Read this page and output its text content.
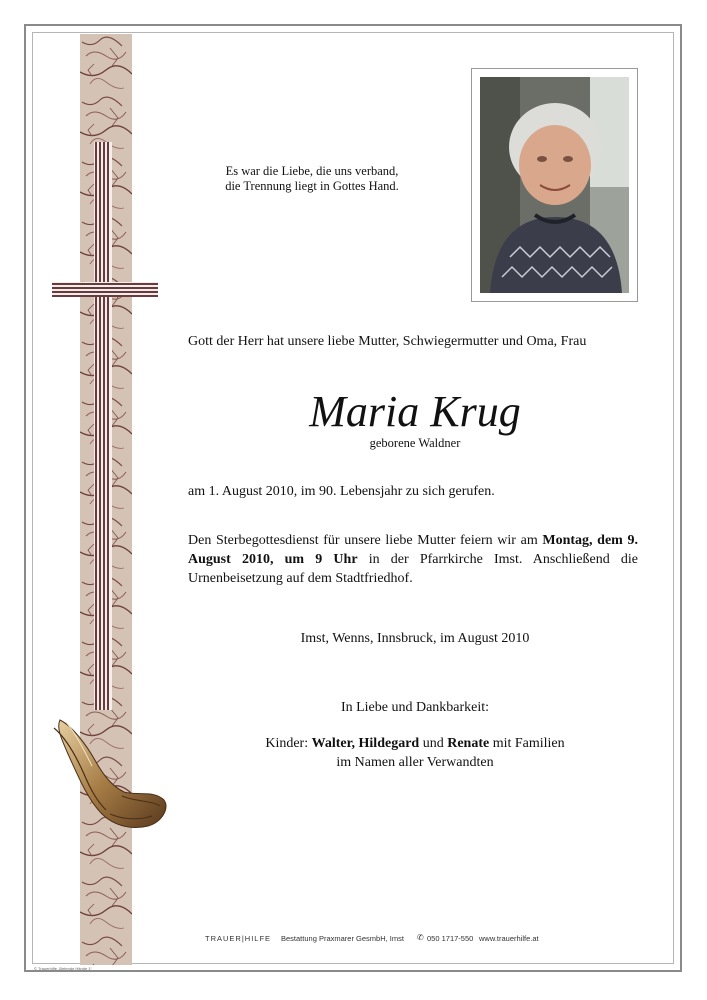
Es war die Liebe, die uns verband,
die Trennung liegt in Gottes Hand.
Gott der Herr hat unsere liebe Mutter, Schwiegermutter und Oma, Frau
Maria Krug
geborene Waldner
am 1. August 2010, im 90. Lebensjahr zu sich gerufen.
Den Sterbegottesdienst für unsere liebe Mutter feiern wir am Montag, dem 9. August 2010, um 9 Uhr in der Pfarrkirche Imst. Anschließend die Urnenbeisetzung auf dem Stadtfriedhof.
Imst, Wenns, Innsbruck, im August 2010
In Liebe und Dankbarkeit:
Kinder: Walter, Hildegard und Renate mit Familien
im Namen aller Verwandten
TRAUER|HILFE Bestattung Praxmarer GesmbH, Imst ✆ 050 1717-550 www.trauerhilfe.at
© Trauerhilfe „Betende Hände 1“
